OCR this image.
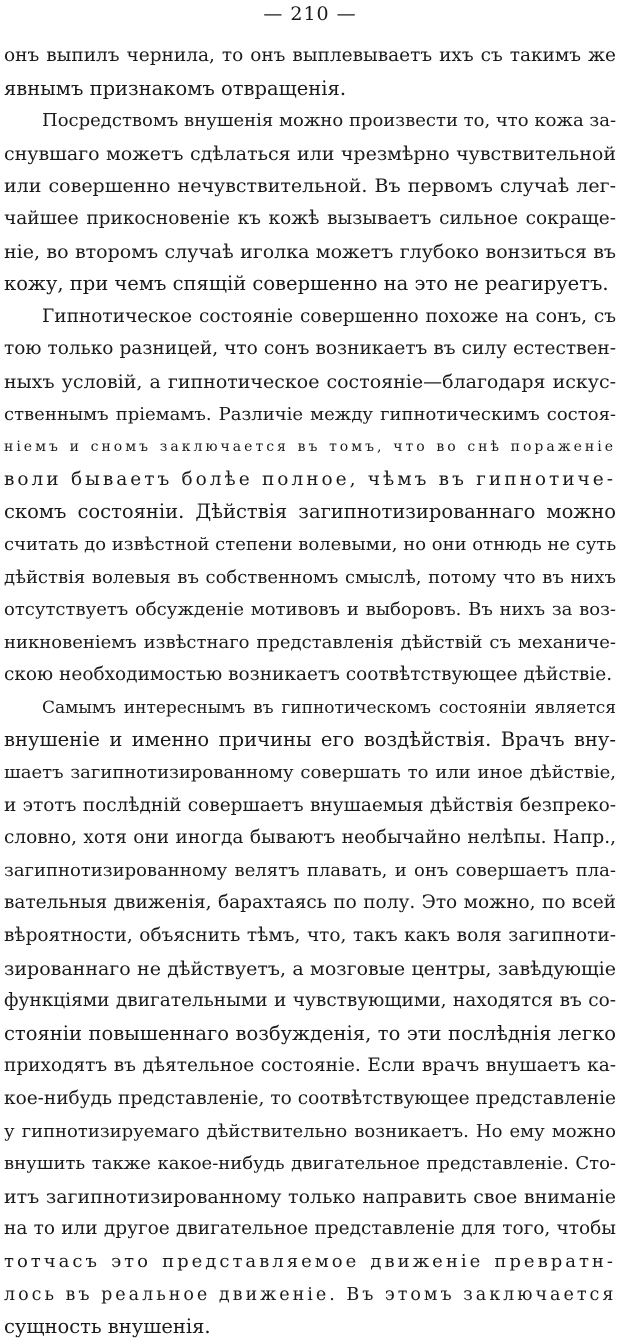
— 210 —
онъ выпилъ чернила, то онъ выплевываетъ ихъ съ такимъ же
явнымъ признакомъ отвращенія.
Посредствомъ внушенія можно произвести то, что кожа за-
снувшаго можетъ сдѣлаться или чрезмѣрно чувствительной
или совершенно нечувствительной. Въ первомъ случаѣ лег-
чайшее прикосновеніе къ кожѣ вызываетъ сильное сокраще-
ніе, во второмъ случаѣ иголка можетъ глубоко вонзиться въ
кожу, при чемъ спящій совершенно на это не реагируетъ.
Гипнотическое состояніе совершенно похоже на сонъ, съ
тою только разницей, что сонъ возникаетъ въ силу естествен-
ныхъ условій, а гипнотическое состояніе—благодаря искус-
ственнымъ пріемамъ. Различіе между гипнотическимъ состоя-
ніемъ и сномъ заключается въ томъ, что во снѣ пораженіе
воли бываетъ болѣе полное, чѣмъ въ гипнотиче-
скомъ состояніи. Дѣйствія загипнотизированнаго можно
считать до извѣстной степени волевыми, но они отнюдь не суть
дѣйствія волевыя въ собственномъ смыслѣ, потому что въ нихъ
отсутствуетъ обсужденіе мотивовъ и выборовъ. Въ нихъ за воз-
никновеніемъ извѣстнаго представленія дѣйствій съ механиче-
скою необходимостью возникаетъ соотвѣтствующее дѣйствіе.
Самымъ интереснымъ въ гипнотическомъ состояніи является
внушеніе и именно причины его воздѣйствія. Врачъ вну-
шаетъ загипнотизированному совершать то или иное дѣйствіе,
и этотъ послѣдній совершаетъ внушаемыя дѣйствія безпреко-
словно, хотя они иногда бываютъ необычайно нелѣпы. Напр.,
загипнотизированному велятъ плавать, и онъ совершаетъ пла-
вательныя движенія, барахтаясь по полу. Это можно, по всей
вѣроятности, объяснить тѣмъ, что, такъ какъ воля загипноти-
зированнаго не дѣйствуетъ, а мозговые центры, завѣдующіе
функціями двигательными и чувствующими, находятся въ со-
стояніи повышеннаго возбужденія, то эти послѣднія легко
приходятъ въ дѣятельное состояніе. Если врачъ внушаетъ ка-
кое-нибудь представленіе, то соотвѣтствующее представленіе
у гипнотизируемаго дѣйствительно возникаетъ. Но ему можно
внушить также какое-нибудь двигательное представленіе. Сто-
итъ загипнотизированному только направить свое вниманіе
на то или другое двигательное представленіе для того, чтобы
тотчасъ это представляемое движеніе превратн-
лось въ реальное движеніе. Въ этомъ заключается
сущность внушенія.
